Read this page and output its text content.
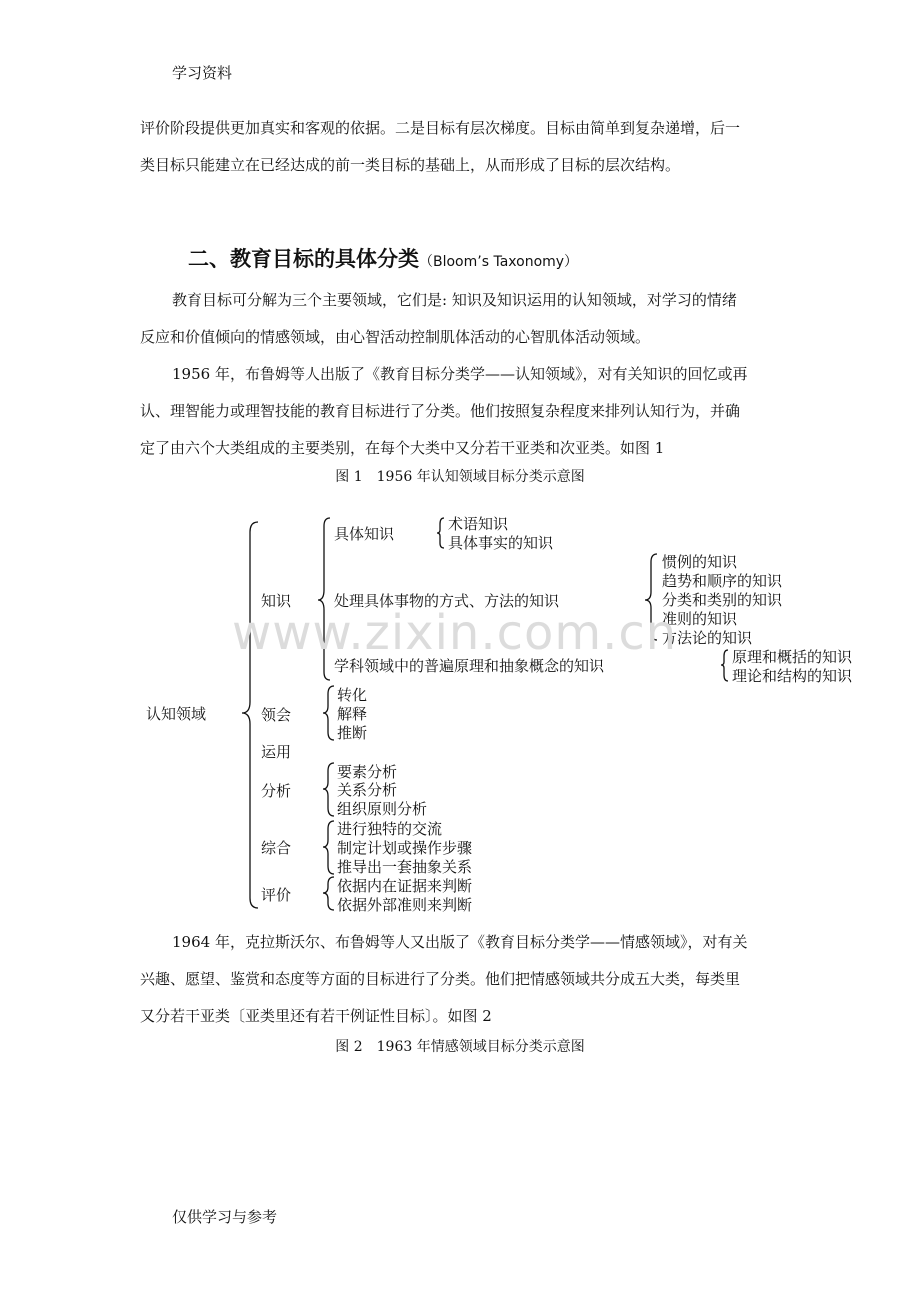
学习资料

评价阶段提供更加真实和客观的依据。二是目标有层次梯度。目标由简单到复杂递增，后一

类目标只能建立在已经达成的前一类目标的基础上，从而形成了目标的层次结构。

二、教育目标的具体分类（Bloom’s Taxonomy）

教育目标可分解为三个主要领域，它们是: 知识及知识运用的认知领域，对学习的情绪

反应和价值倾向的情感领域，由心智活动控制肌体活动的心智肌体活动领域。

1956 年，布鲁姆等人出版了《教育目标分类学——认知领域》，对有关知识的回忆或再

认、理智能力或理智技能的教育目标进行了分类。他们按照复杂程度来排列认知行为，并确

定了由六个大类组成的主要类别，在每个大类中又分若干亚类和次亚类。如图 1

图 1　1956 年认知领域目标分类示意图
认知领域
知识
具体知识
术语知识
具体事实的知识
处理具体事物的方式、方法的知识
惯例的知识
趋势和顺序的知识
分类和类别的知识
准则的知识
方法论的知识
学科领域中的普遍原理和抽象概念的知识	原理和概括的知识
理论和结构的知识
领会
转化
解释
推断
运用
分析
要素分析
关系分析
组织原则分析
综合
进行独特的交流
制定计划或操作步骤
推导出一套抽象关系
评价	依据内在证据来判断
依据外部准则来判断
www.zixin.com.cn

1964 年，克拉斯沃尔、布鲁姆等人又出版了《教育目标分类学——情感领域》，对有关

兴趣、愿望、鉴赏和态度等方面的目标进行了分类。他们把情感领域共分成五大类，每类里

又分若干亚类〔亚类里还有若干例证性目标〕。如图 2

图 2　1963 年情感领域目标分类示意图
仅供学习与参考
